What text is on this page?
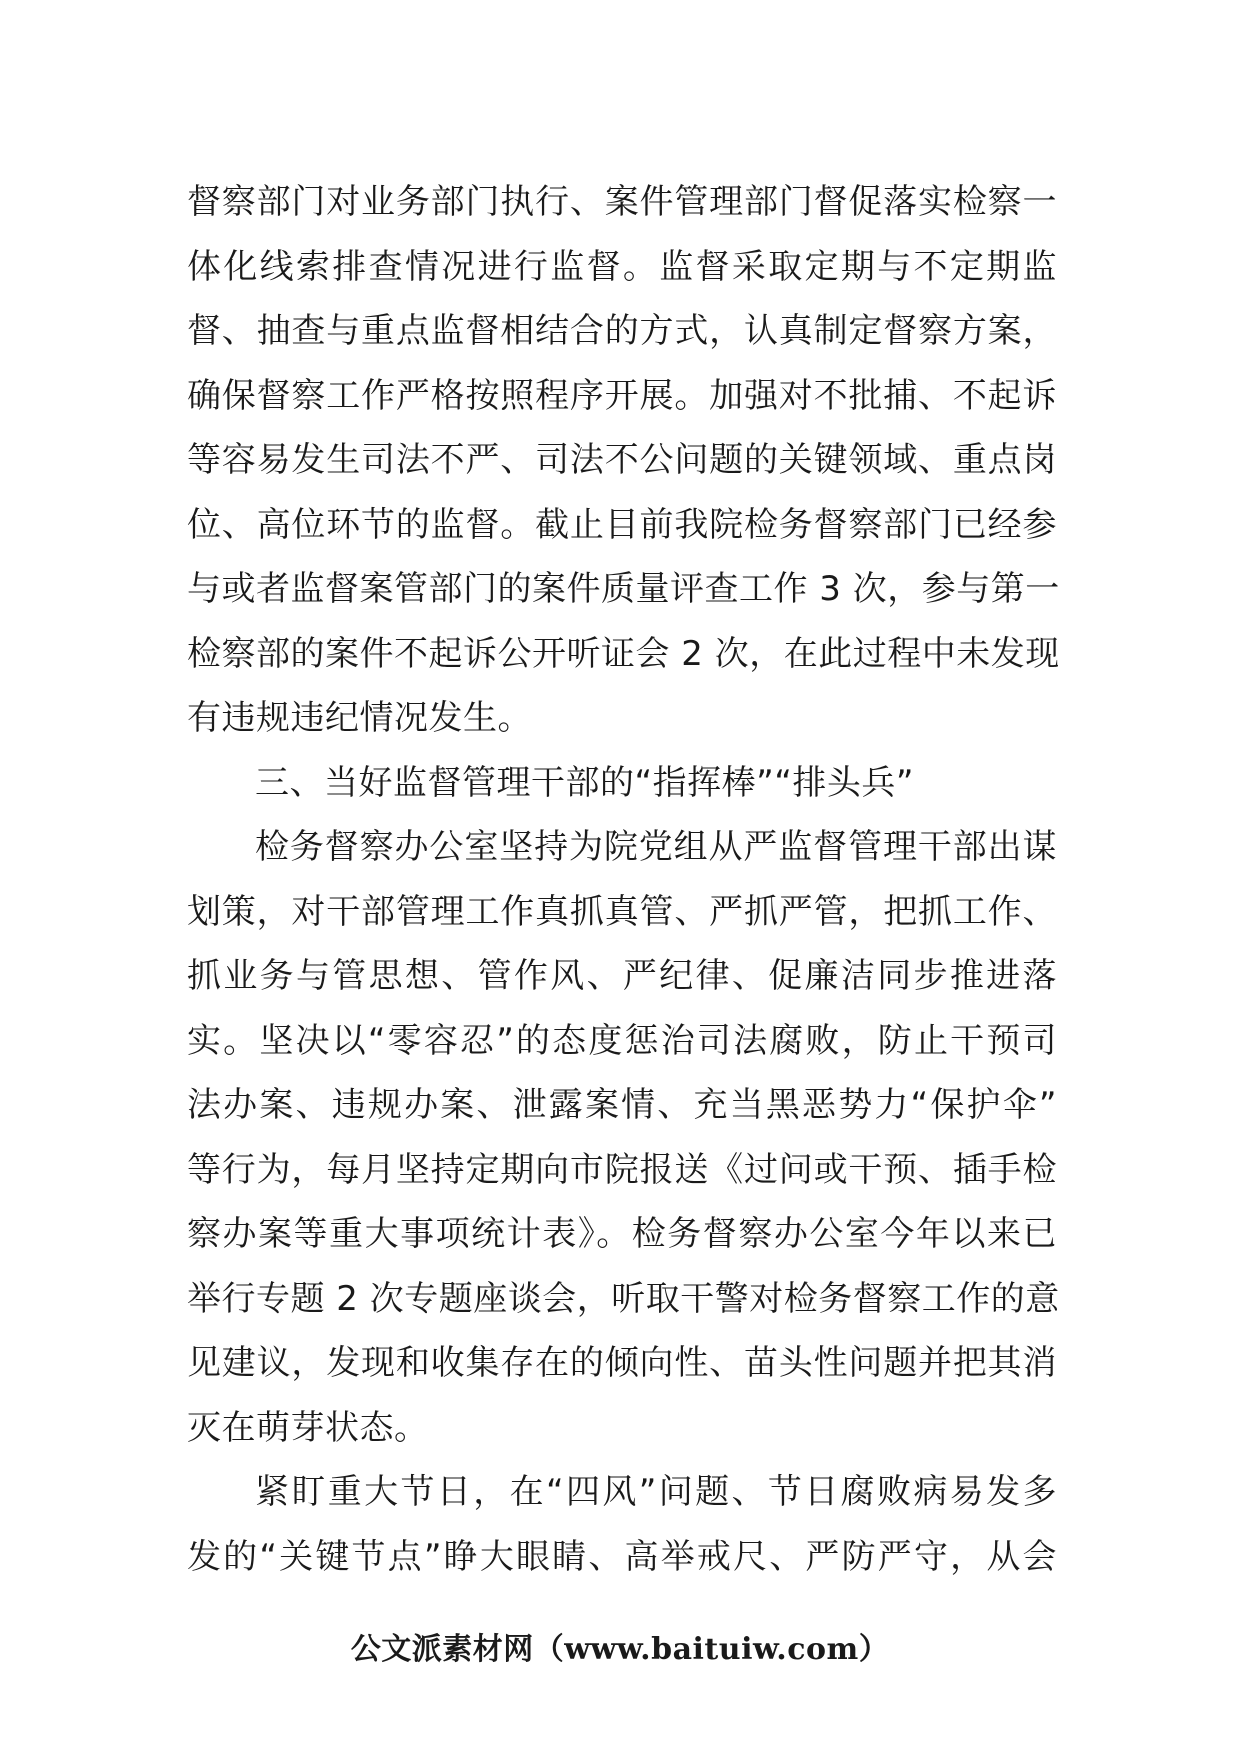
督察部门对业务部门执行、案件管理部门督促落实检察一
体化线索排查情况进行监督。监督采取定期与不定期监
督、抽查与重点监督相结合的方式，认真制定督察方案，
确保督察工作严格按照程序开展。加强对不批捕、不起诉
等容易发生司法不严、司法不公问题的关键领域、重点岗
位、高位环节的监督。截止目前我院检务督察部门已经参
与或者监督案管部门的案件质量评查工作 3 次，参与第一
检察部的案件不起诉公开听证会 2 次，在此过程中未发现
有违规违纪情况发生。
三、当好监督管理干部的“指挥棒”“排头兵”
检务督察办公室坚持为院党组从严监督管理干部出谋
划策，对干部管理工作真抓真管、严抓严管，把抓工作、
抓业务与管思想、管作风、严纪律、促廉洁同步推进落
实。坚决以“零容忍”的态度惩治司法腐败，防止干预司
法办案、违规办案、泄露案情、充当黑恶势力“保护伞”
等行为，每月坚持定期向市院报送《过问或干预、插手检
察办案等重大事项统计表》。检务督察办公室今年以来已
举行专题 2 次专题座谈会，听取干警对检务督察工作的意
见建议，发现和收集存在的倾向性、苗头性问题并把其消
灭在萌芽状态。
紧盯重大节日，在“四风”问题、节日腐败病易发多
发的“关键节点”睁大眼睛、高举戒尺、严防严守，从会
公文派素材网（www.baituiw.com）
